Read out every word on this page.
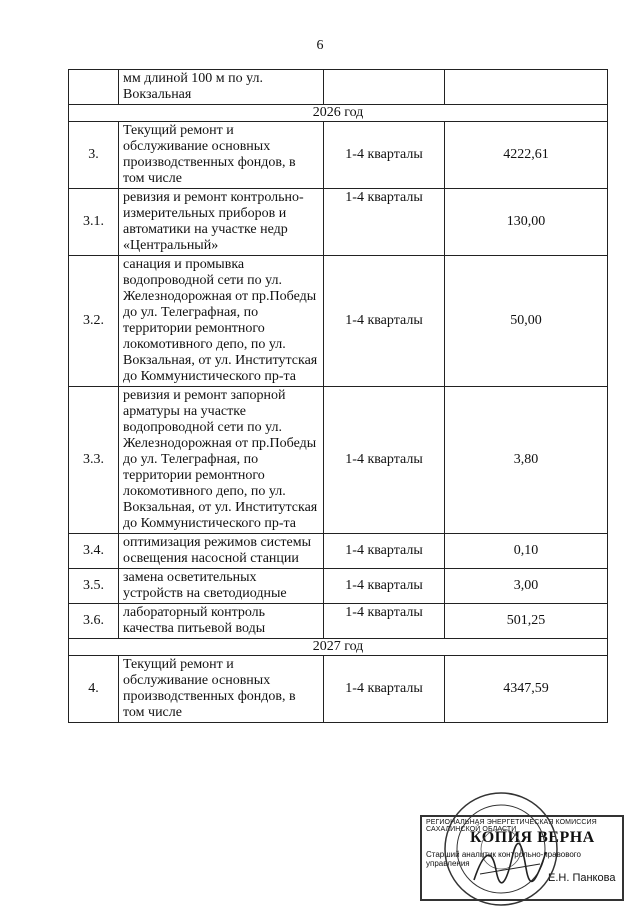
6
	мм длиной 100 м по ул. Вокзальная		
2026 год			
3.	Текущий ремонт и обслуживание основных производственных фондов, в том числе	1-4 кварталы	4222,61
3.1.	ревизия и ремонт контрольно-измерительных приборов и автоматики на участке недр «Центральный»	1-4 кварталы	130,00
3.2.	санация и промывка водопроводной сети по ул. Железнодорожная от пр.Победы до ул. Телеграфная, по территории ремонтного локомотивного депо, по ул. Вокзальная, от ул. Институтская до Коммунистического пр-та	1-4 кварталы	50,00
3.3.	ревизия и ремонт запорной арматуры на участке водопроводной сети по ул. Железнодорожная от пр.Победы до ул. Телеграфная, по территории ремонтного локомотивного депо, по ул. Вокзальная, от ул. Институтская до Коммунистического пр-та	1-4 кварталы	3,80
3.4.	оптимизация режимов системы освещения насосной станции	1-4 кварталы	0,10
3.5.	замена осветительных устройств на светодиодные	1-4 кварталы	3,00
3.6.	лабораторный контроль качества питьевой воды	1-4 кварталы	501,25
2027 год			
4.	Текущий ремонт и обслуживание основных производственных фондов, в том числе	1-4 кварталы	4347,59
РЕГИОНАЛЬНАЯ ЭНЕРГЕТИЧЕСКАЯ КОМИССИЯ САХАЛИНСКОЙ ОБЛАСТИ
КОПИЯ ВЕРНА
Старший аналитик контрольно-правового управления
Е.Н. Панкова
